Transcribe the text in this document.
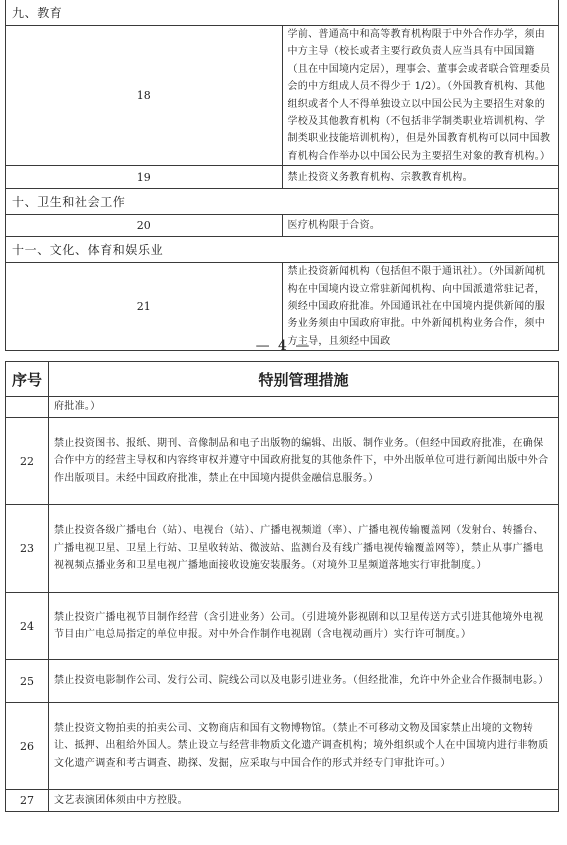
九、教育	
18	学前、普通高中和高等教育机构限于中外合作办学，须由中方主导（校长或者主要行政负责人应当具有中国国籍（且在中国境内定居），理事会、董事会或者联合管理委员会的中方组成人员不得少于 1/2）。（外国教育机构、其他组织或者个人不得单独设立以中国公民为主要招生对象的学校及其他教育机构（不包括非学制类职业培训机构、学制类职业技能培训机构），但是外国教育机构可以同中国教育机构合作举办以中国公民为主要招生对象的教育机构。）
19	禁止投资义务教育机构、宗教教育机构。
十、卫生和社会工作	
20	医疗机构限于合资。
十一、文化、体育和娱乐业	
21	禁止投资新闻机构（包括但不限于通讯社）。（外国新闻机构在中国境内设立常驻新闻机构、向中国派遣常驻记者，须经中国政府批准。外国通讯社在中国境内提供新闻的服务业务须由中国政府审批。中外新闻机构业务合作，须中方主导，且须经中国政
— 4 —
序号	特别管理措施
	府批准。）
22	禁止投资图书、报纸、期刊、音像制品和电子出版物的编辑、出版、制作业务。（但经中国政府批准，在确保合作中方的经营主导权和内容终审权并遵守中国政府批复的其他条件下，中外出版单位可进行新闻出版中外合作出版项目。未经中国政府批准，禁止在中国境内提供金融信息服务。）
23	禁止投资各级广播电台（站）、电视台（站）、广播电视频道（率）、广播电视传输覆盖网（发射台、转播台、广播电视卫星、卫星上行站、卫星收转站、微波站、监测台及有线广播电视传输覆盖网等），禁止从事广播电视视频点播业务和卫星电视广播地面接收设施安装服务。（对境外卫星频道落地实行审批制度。）
24	禁止投资广播电视节目制作经营（含引进业务）公司。（引进境外影视剧和以卫星传送方式引进其他境外电视节目由广电总局指定的单位申报。对中外合作制作电视剧（含电视动画片）实行许可制度。）
25	禁止投资电影制作公司、发行公司、院线公司以及电影引进业务。（但经批准，允许中外企业合作摄制电影。）
26	禁止投资文物拍卖的拍卖公司、文物商店和国有文物博物馆。（禁止不可移动文物及国家禁止出境的文物转让、抵押、出租给外国人。禁止设立与经营非物质文化遗产调查机构；境外组织或个人在中国境内进行非物质文化遗产调查和考古调查、勘探、发掘，应采取与中国合作的形式并经专门审批许可。）
27	文艺表演团体须由中方控股。
